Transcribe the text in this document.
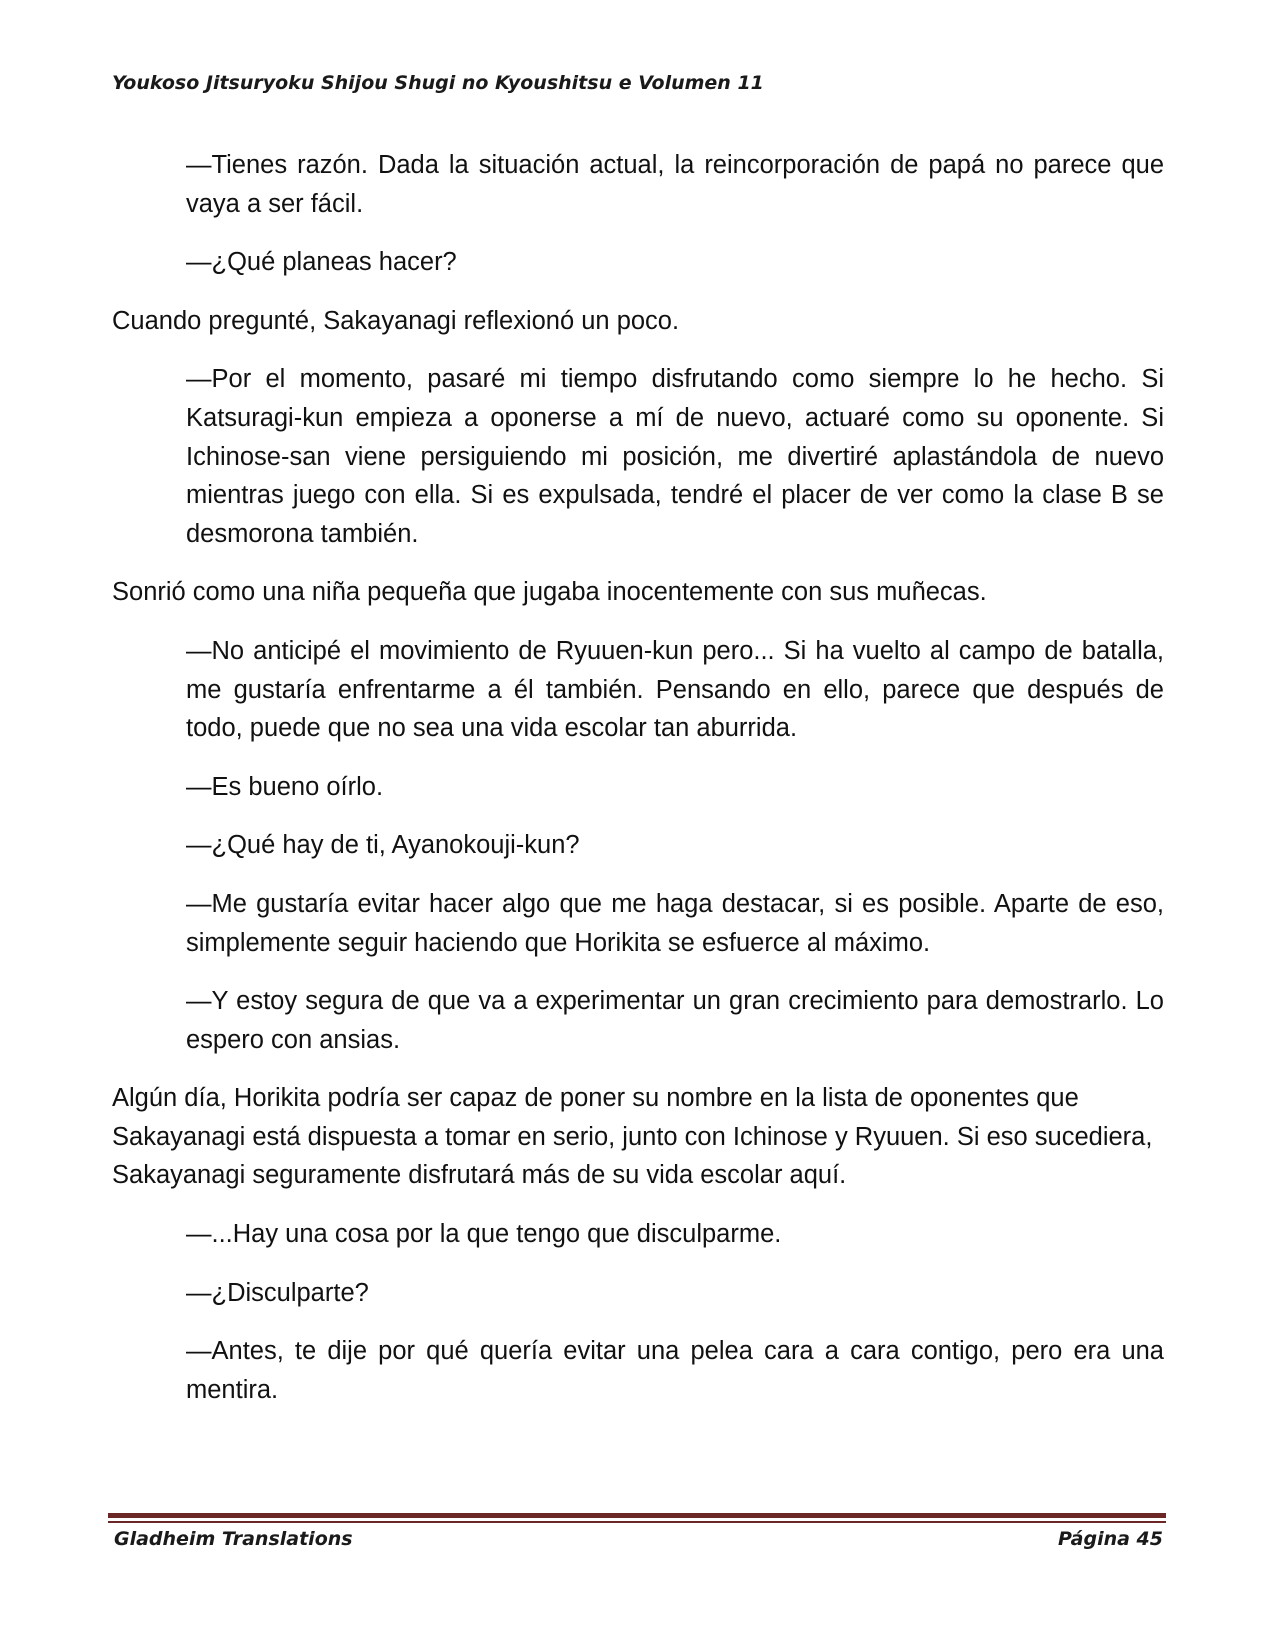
Youkoso Jitsuryoku Shijou Shugi no Kyoushitsu e Volumen 11

—Tienes razón. Dada la situación actual, la reincorporación de papá no parece que vaya a ser fácil.

—¿Qué planeas hacer?

Cuando pregunté, Sakayanagi reflexionó un poco.

—Por el momento, pasaré mi tiempo disfrutando como siempre lo he hecho. Si Katsuragi-kun empieza a oponerse a mí de nuevo, actuaré como su oponente. Si Ichinose-san viene persiguiendo mi posición, me divertiré aplastándola de nuevo mientras juego con ella. Si es expulsada, tendré el placer de ver como la clase B se desmorona también.

Sonrió como una niña pequeña que jugaba inocentemente con sus muñecas.

—No anticipé el movimiento de Ryuuen-kun pero... Si ha vuelto al campo de batalla, me gustaría enfrentarme a él también. Pensando en ello, parece que después de todo, puede que no sea una vida escolar tan aburrida.

—Es bueno oírlo.

—¿Qué hay de ti, Ayanokouji-kun?

—Me gustaría evitar hacer algo que me haga destacar, si es posible. Aparte de eso, simplemente seguir haciendo que Horikita se esfuerce al máximo.

—Y estoy segura de que va a experimentar un gran crecimiento para demostrarlo. Lo espero con ansias.

Algún día, Horikita podría ser capaz de poner su nombre en la lista de oponentes que Sakayanagi está dispuesta a tomar en serio, junto con Ichinose y Ryuuen. Si eso sucediera, Sakayanagi seguramente disfrutará más de su vida escolar aquí.

—...Hay una cosa por la que tengo que disculparme.

—¿Disculparte?

—Antes, te dije por qué quería evitar una pelea cara a cara contigo, pero era una mentira.

Gladheim Translations	Página 45
